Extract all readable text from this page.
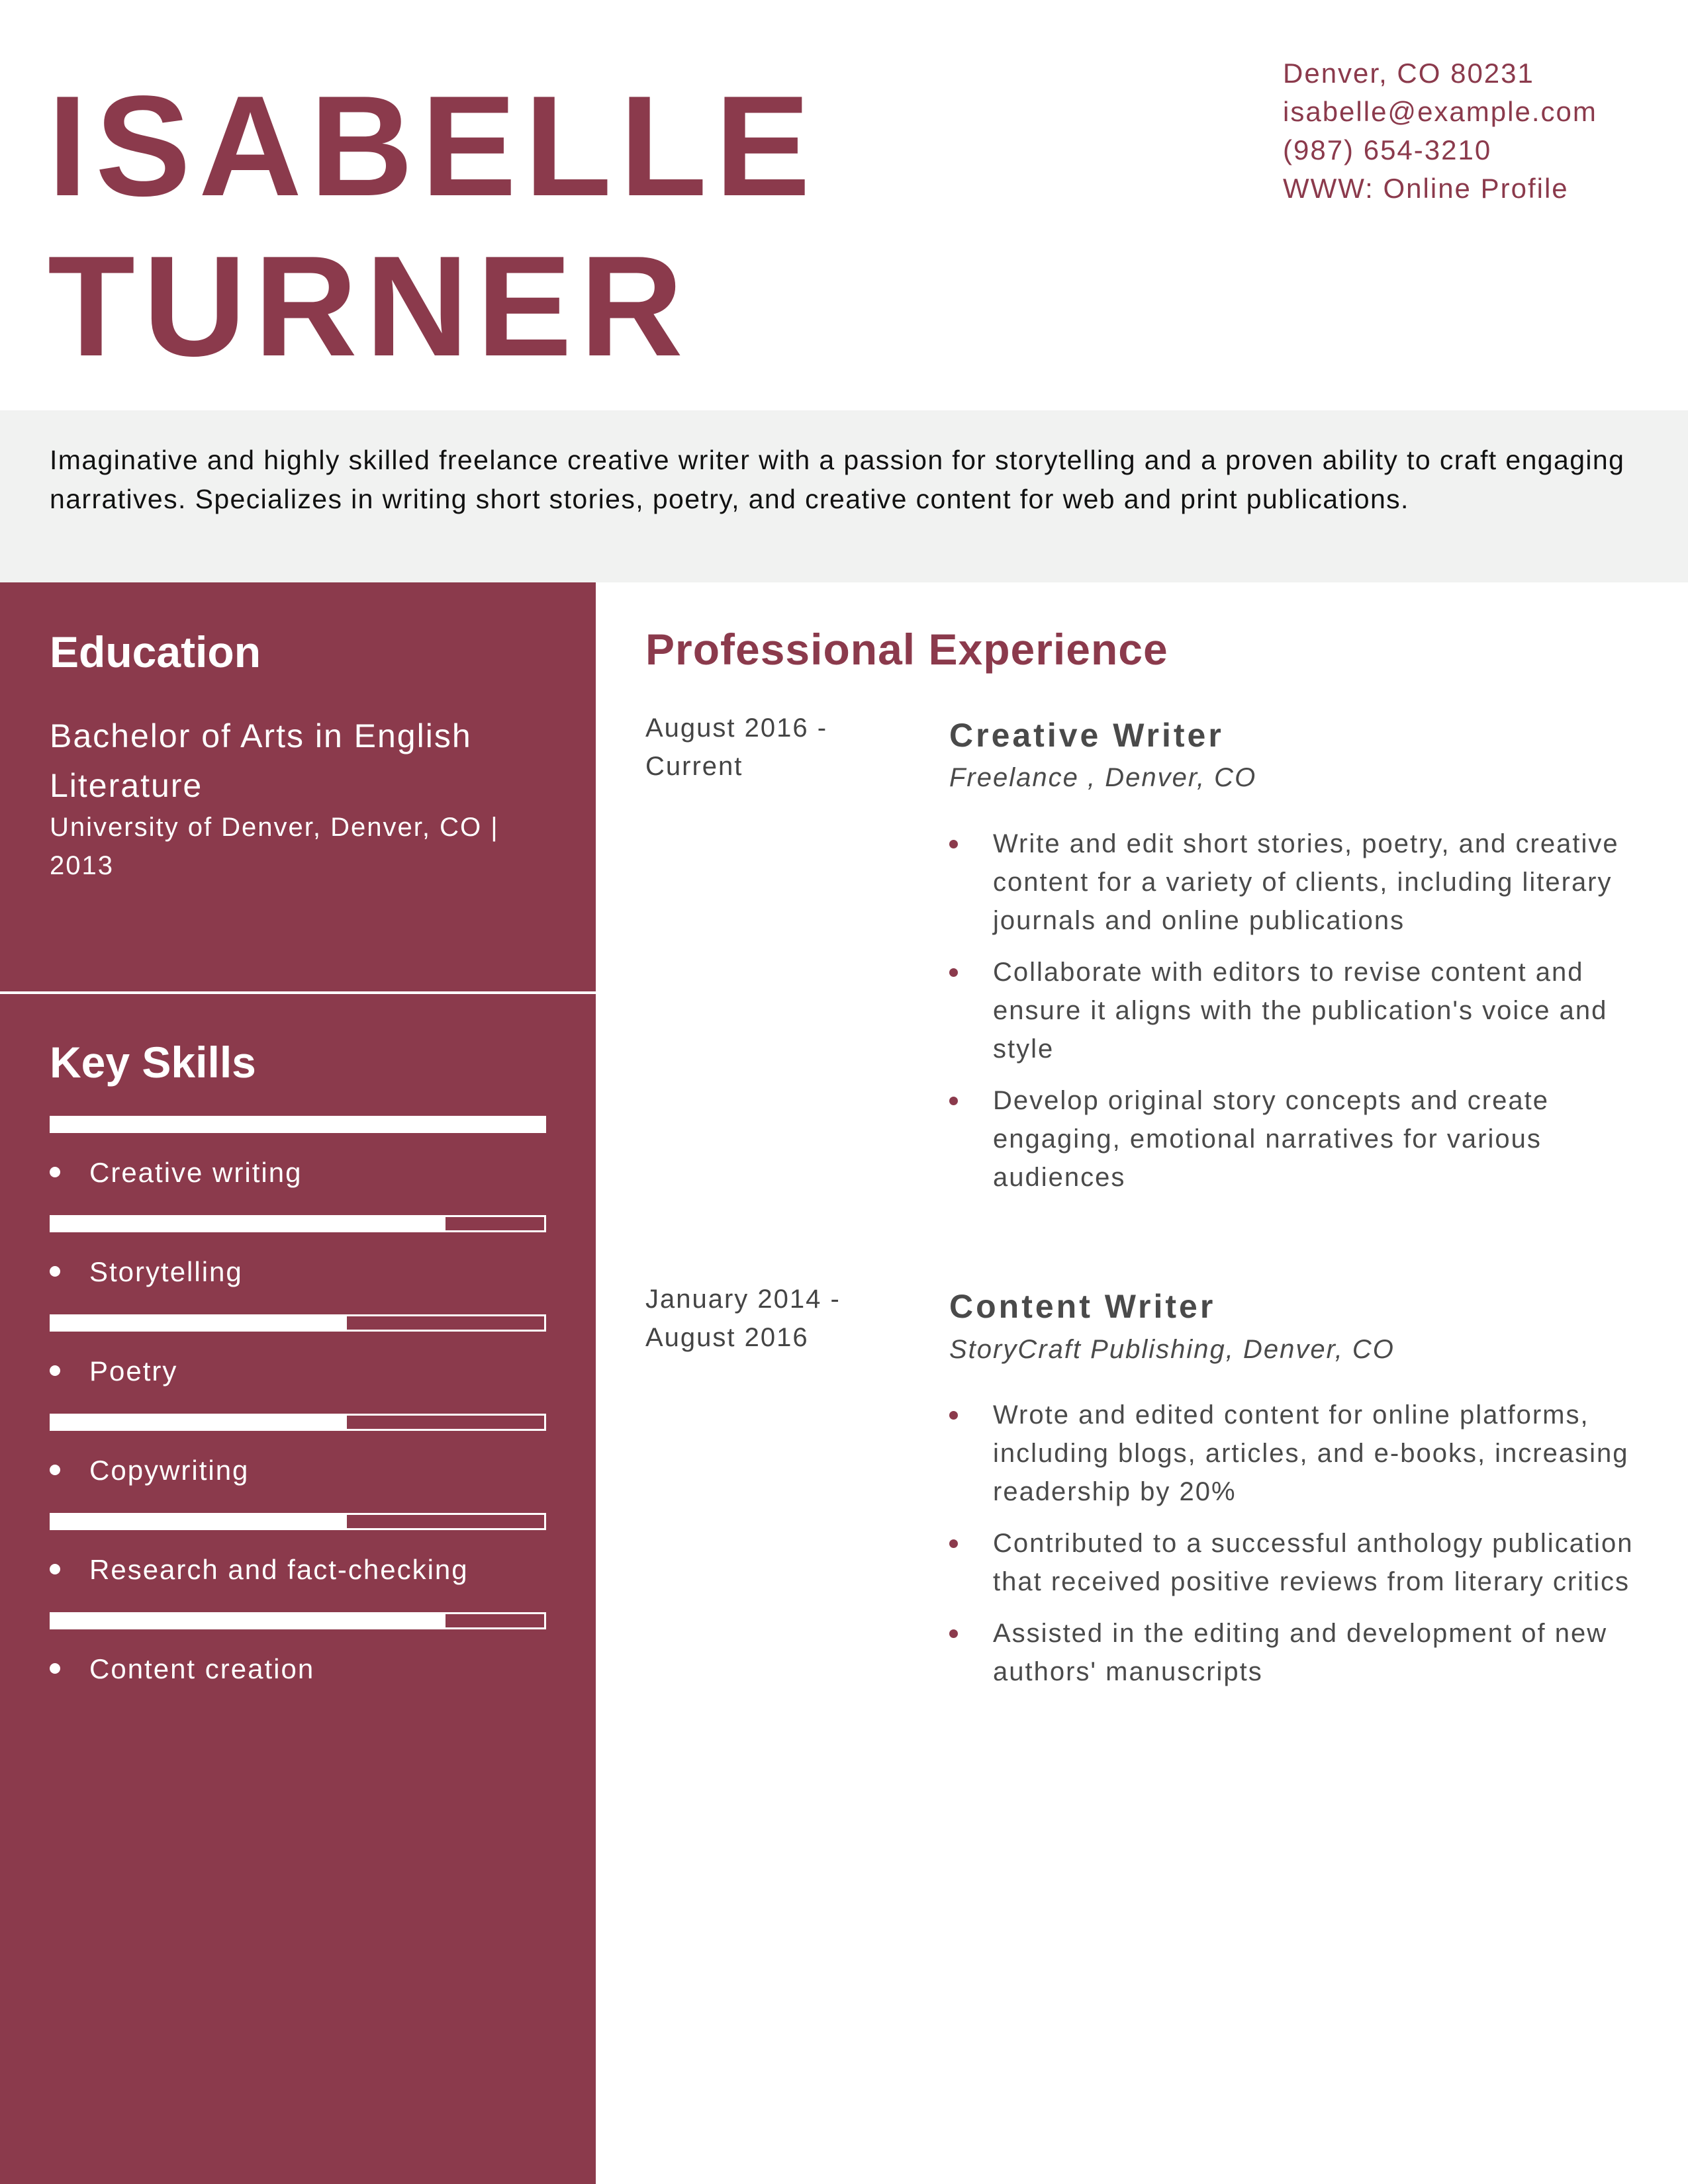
ISABELLE
TURNER
Denver, CO 80231
isabelle@example.com
(987) 654-3210
WWW: Online Profile

Imaginative and highly skilled freelance creative writer with a passion for storytelling and a proven ability to craft engaging narratives. Specializes in writing short stories, poetry, and creative content for web and print publications.

Education

Bachelor of Arts in English Literature

University of Denver, Denver, CO | 2013

Key Skills
Creative writing
Storytelling
Poetry
Copywriting
Research and fact-checking
Content creation
Professional Experience

August 2016 - Current

Creative Writer

Freelance , Denver, CO

Write and edit short stories, poetry, and creative content for a variety of clients, including literary journals and online publications
Collaborate with editors to revise content and ensure it aligns with the publication's voice and style
Develop original story concepts and create engaging, emotional narratives for various audiences

January 2014 - August 2016

Content Writer

StoryCraft Publishing, Denver, CO

Wrote and edited content for online platforms, including blogs, articles, and e-books, increasing readership by 20%
Contributed to a successful anthology publication that received positive reviews from literary critics
Assisted in the editing and development of new authors' manuscripts
